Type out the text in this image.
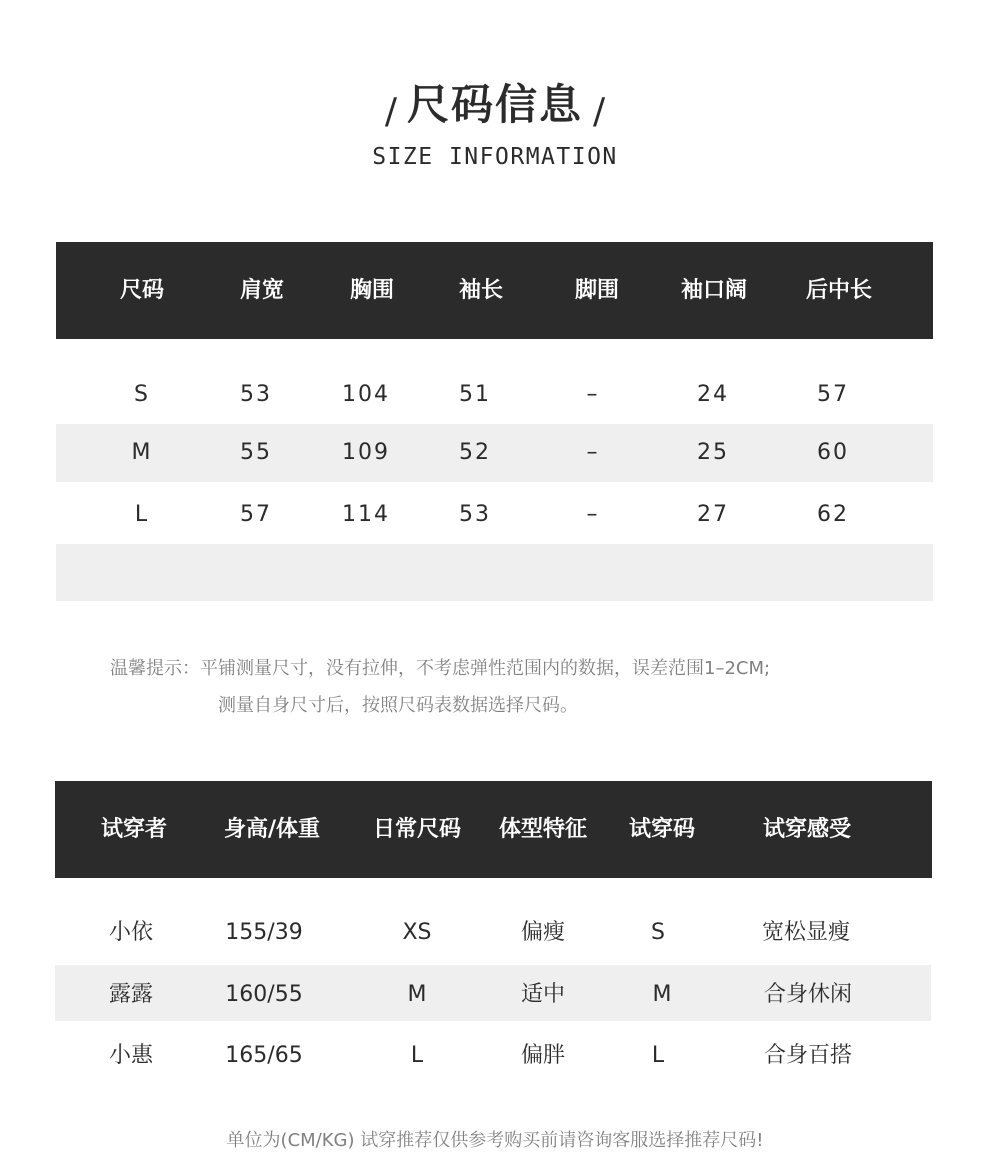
/ 尺码信息 /
SIZE INFORMATION
尺码	肩宽	胸围	袖长	脚围	袖口阔	后中长
S	53	104	51	–	24	57
M	55	109	52	–	25	60
L	57	114	53	–	27	62
温馨提示：平铺测量尺寸，没有拉伸，不考虑弹性范围内的数据，误差范围1–2CM;
测量自身尺寸后，按照尺码表数据选择尺码。
试穿者	身高/体重 日常尺码 体型特征 试穿码	试穿感受
小依	155/39	XS	偏瘦	S	宽松显瘦
露露	160/55	M	适中	M	合身休闲
小惠	165/65	L	偏胖	L	合身百搭
单位为(CM/KG) 试穿推荐仅供参考购买前请咨询客服选择推荐尺码!
